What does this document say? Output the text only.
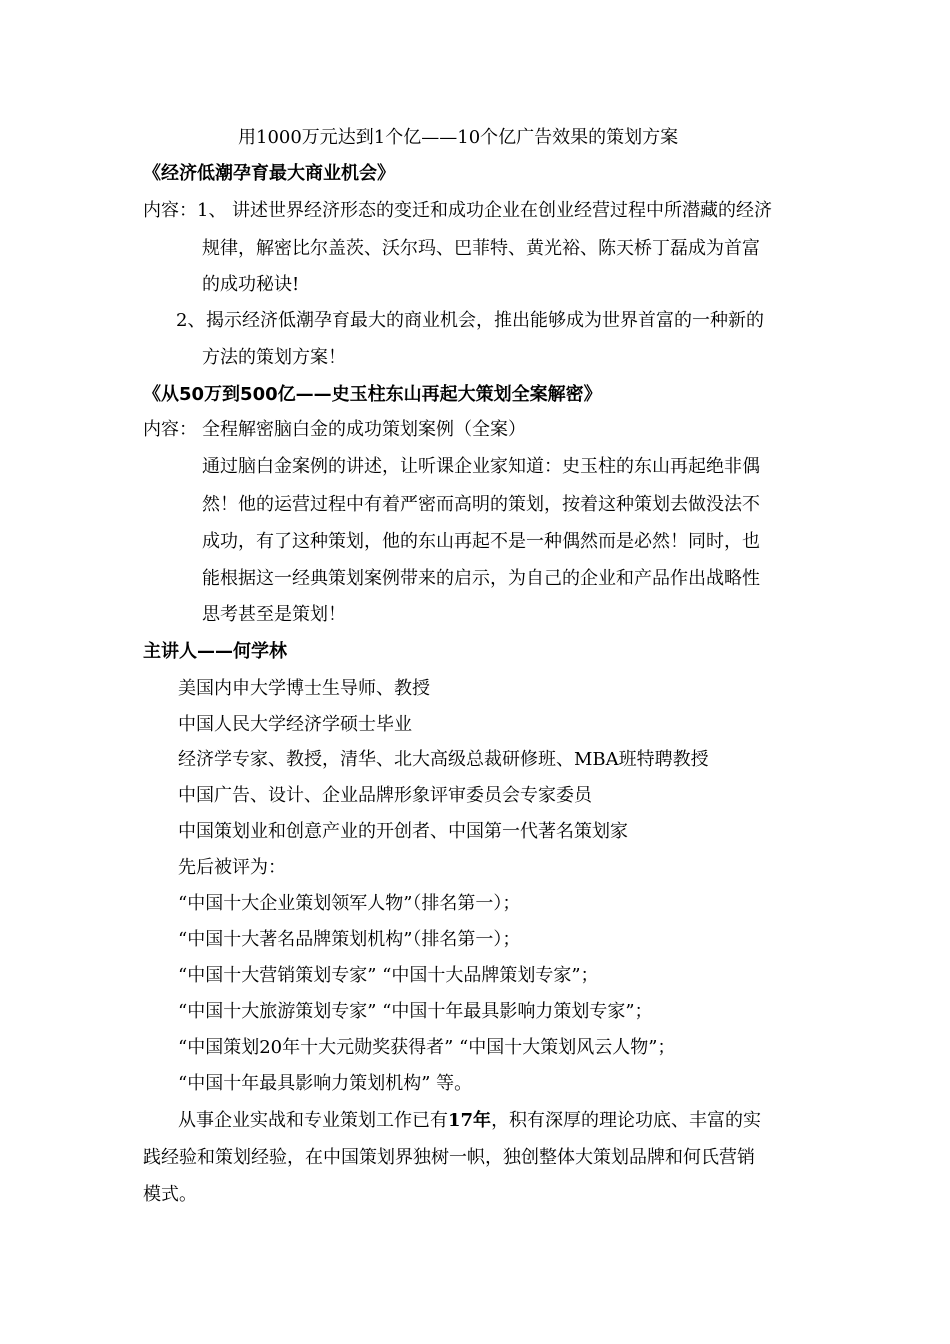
用1000万元达到1个亿——10个亿广告效果的策划方案
《经济低潮孕育最大商业机会》
内容：1、 讲述世界经济形态的变迁和成功企业在创业经营过程中所潜藏的经济
规律，解密比尔盖茨、沃尔玛、巴菲特、黄光裕、陈天桥丁磊成为首富
的成功秘诀!
2、 揭示经济低潮孕育最大的商业机会，推出能够成为世界首富的一种新的
方法的策划方案！
《从50万到500亿——史玉柱东山再起大策划全案解密》
内容： 全程解密脑白金的成功策划案例（全案）
通过脑白金案例的讲述，让听课企业家知道：史玉柱的东山再起绝非偶
然！他的运营过程中有着严密而高明的策划，按着这种策划去做没法不
成功，有了这种策划，他的东山再起不是一种偶然而是必然！同时，也
能根据这一经典策划案例带来的启示，为自己的企业和产品作出战略性
思考甚至是策划！
主讲人——何学林
美国内申大学博士生导师、教授
中国人民大学经济学硕士毕业
经济学专家、教授，清华、北大高级总裁研修班、MBA班特聘教授
中国广告、设计、企业品牌形象评审委员会专家委员
中国策划业和创意产业的开创者、中国第一代著名策划家
先后被评为：
“中国十大企业策划领军人物”（排名第一）；
“中国十大著名品牌策划机构”（排名第一）；
“中国十大营销策划专家” “中国十大品牌策划专家”；
“中国十大旅游策划专家” “中国十年最具影响力策划专家”；
“中国策划20年十大元勋奖获得者” “中国十大策划风云人物”；
“中国十年最具影响力策划机构” 等。
从事企业实战和专业策划工作已有17年，积有深厚的理论功底、丰富的实
践经验和策划经验，在中国策划界独树一帜，独创整体大策划品牌和何氏营销
模式。
